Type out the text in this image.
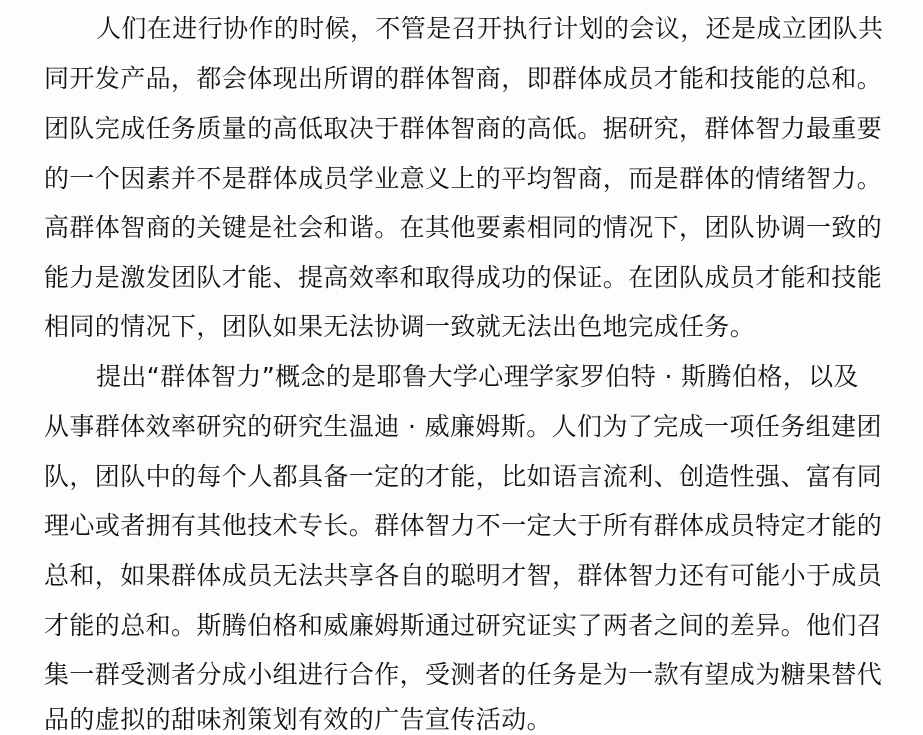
人们在进行协作的时候，不管是召开执行计划的会议，还是成立团队共
同开发产品，都会体现出所谓的群体智商，即群体成员才能和技能的总和。
团队完成任务质量的高低取决于群体智商的高低。据研究，群体智力最重要
的一个因素并不是群体成员学业意义上的平均智商，而是群体的情绪智力。
高群体智商的关键是社会和谐。在其他要素相同的情况下，团队协调一致的
能力是激发团队才能、提高效率和取得成功的保证。在团队成员才能和技能
相同的情况下，团队如果无法协调一致就无法出色地完成任务。
提出“群体智力”概念的是耶鲁大学心理学家罗伯特 · 斯腾伯格，以及
从事群体效率研究的研究生温迪 · 威廉姆斯。人们为了完成一项任务组建团
队，团队中的每个人都具备一定的才能，比如语言流利、创造性强、富有同
理心或者拥有其他技术专长。群体智力不一定大于所有群体成员特定才能的
总和，如果群体成员无法共享各自的聪明才智，群体智力还有可能小于成员
才能的总和。斯腾伯格和威廉姆斯通过研究证实了两者之间的差异。他们召
集一群受测者分成小组进行合作，受测者的任务是为一款有望成为糖果替代
品的虚拟的甜味剂策划有效的广告宣传活动。
